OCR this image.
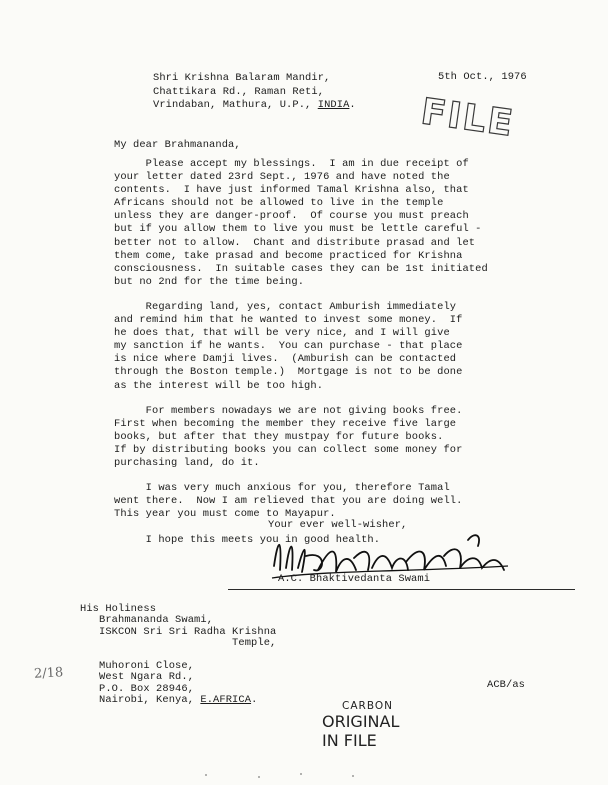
Shri Krishna Balaram Mandir,
Chattikara Rd., Raman Reti,
Vrindaban, Mathura, U.P., INDIA.
5th Oct., 1976
FILE
My dear Brahmananda,
Please accept my blessings.  I am in due receipt of
your letter dated 23rd Sept., 1976 and have noted the
contents.  I have just informed Tamal Krishna also, that
Africans should not be allowed to live in the temple
unless they are danger-proof.  Of course you must preach
but if you allow them to live you must be lettle careful -
better not to allow.  Chant and distribute prasad and let
them come, take prasad and become practiced for Krishna
consciousness.  In suitable cases they can be 1st initiated
but no 2nd for the time being.
Regarding land, yes, contact Amburish immediately
and remind him that he wanted to invest some money.  If
he does that, that will be very nice, and I will give
my sanction if he wants.  You can purchase - that place
is nice where Damji lives.  (Amburish can be contacted
through the Boston temple.)  Mortgage is not to be done
as the interest will be too high.
For members nowadays we are not giving books free.
First when becoming the member they receive five large
books, but after that they mustpay for future books.
If by distributing books you can collect some money for
purchasing land, do it.
I was very much anxious for you, therefore Tamal
went there.  Now I am relieved that you are doing well.
This year you must come to Mayapur.
I hope this meets you in good health.
Your ever well-wisher,
A.C. Bhaktivedanta Swami
His Holiness
Brahmananda Swami,
ISKCON Sri Sri Radha Krishna
Temple,
Muhoroni Close,
West Ngara Rd.,
P.O. Box 28946,
Nairobi, Kenya, E.AFRICA.
2/18
ACB/as
CARBON
ORIGINAL
IN FILE
